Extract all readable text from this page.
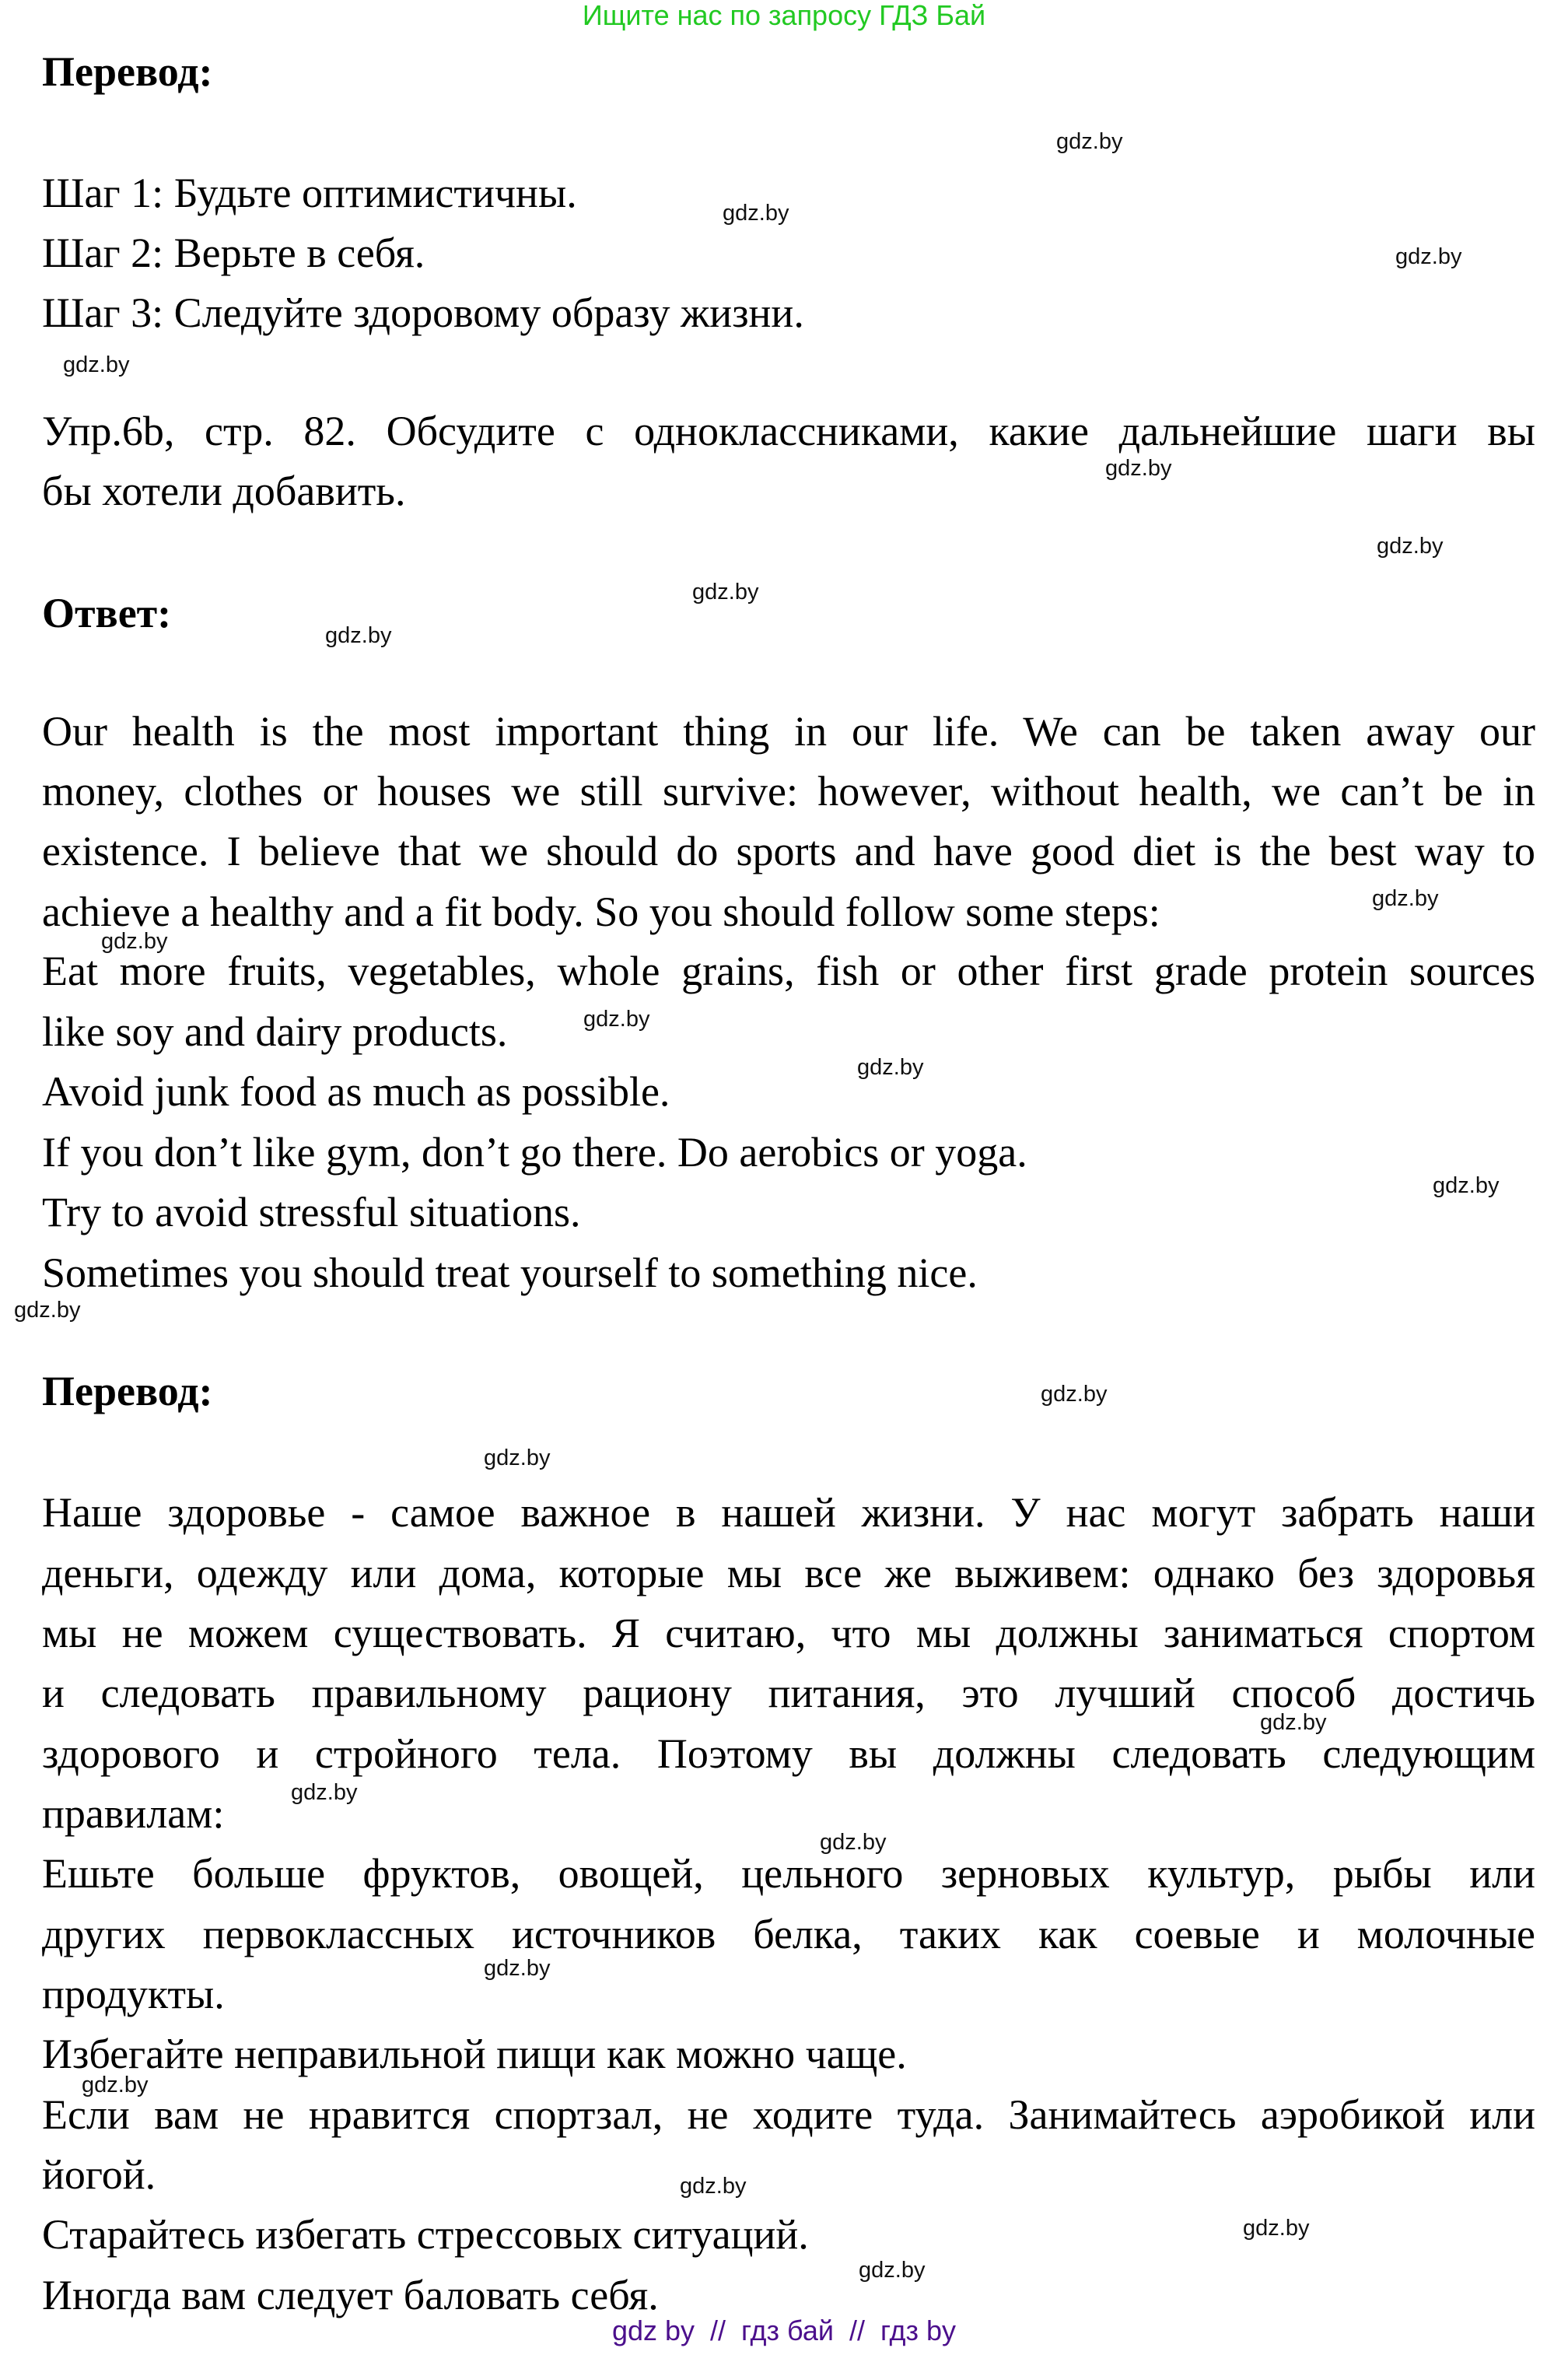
Ищите нас по запросу ГДЗ Бай
Перевод:
Шаг 1: Будьте оптимистичны.
Шаг 2: Верьте в себя.
Шаг 3: Следуйте здоровому образу жизни.
Упр.6b, стр. 82. Обсудите с одноклассниками, какие дальнейшие шаги вы
бы хотели добавить.
Ответ:
Our health is the most important thing in our life. We can be taken away our
money, clothes or houses we still survive: however, without health, we can’t be in
existence. I believe that we should do sports and have good diet is the best way to
achieve a healthy and a fit body. So you should follow some steps:
Eat more fruits, vegetables, whole grains, fish or other first grade protein sources
like soy and dairy products.
Avoid junk food as much as possible.
If you don’t like gym, don’t go there. Do aerobics or yoga.
Try to avoid stressful situations.
Sometimes you should treat yourself to something nice.
Перевод:
Наше здоровье - самое важное в нашей жизни. У нас могут забрать наши
деньги, одежду или дома, которые мы все же выживем: однако без здоровья
мы не можем существовать. Я считаю, что мы должны заниматься спортом
и следовать правильному рациону питания, это лучший способ достичь
здорового и стройного тела. Поэтому вы должны следовать следующим
правилам:
Ешьте больше фруктов, овощей, цельного зерновых культур, рыбы или
других первоклассных источников белка, таких как соевые и молочные
продукты.
Избегайте неправильной пищи как можно чаще.
Если вам не нравится спортзал, не ходите туда. Занимайтесь аэробикой или
йогой.
Старайтесь избегать стрессовых ситуаций.
Иногда вам следует баловать себя.
gdz.by
gdz.by
gdz.by
gdz.by
gdz.by
gdz.by
gdz.by
gdz.by
gdz.by
gdz.by
gdz.by
gdz.by
gdz.by
gdz.by
gdz.by
gdz.by
gdz.by
gdz.by
gdz.by
gdz.by
gdz.by
gdz.by
gdz.by
gdz.by
gdz by  //  гдз бай  //  гдз by
